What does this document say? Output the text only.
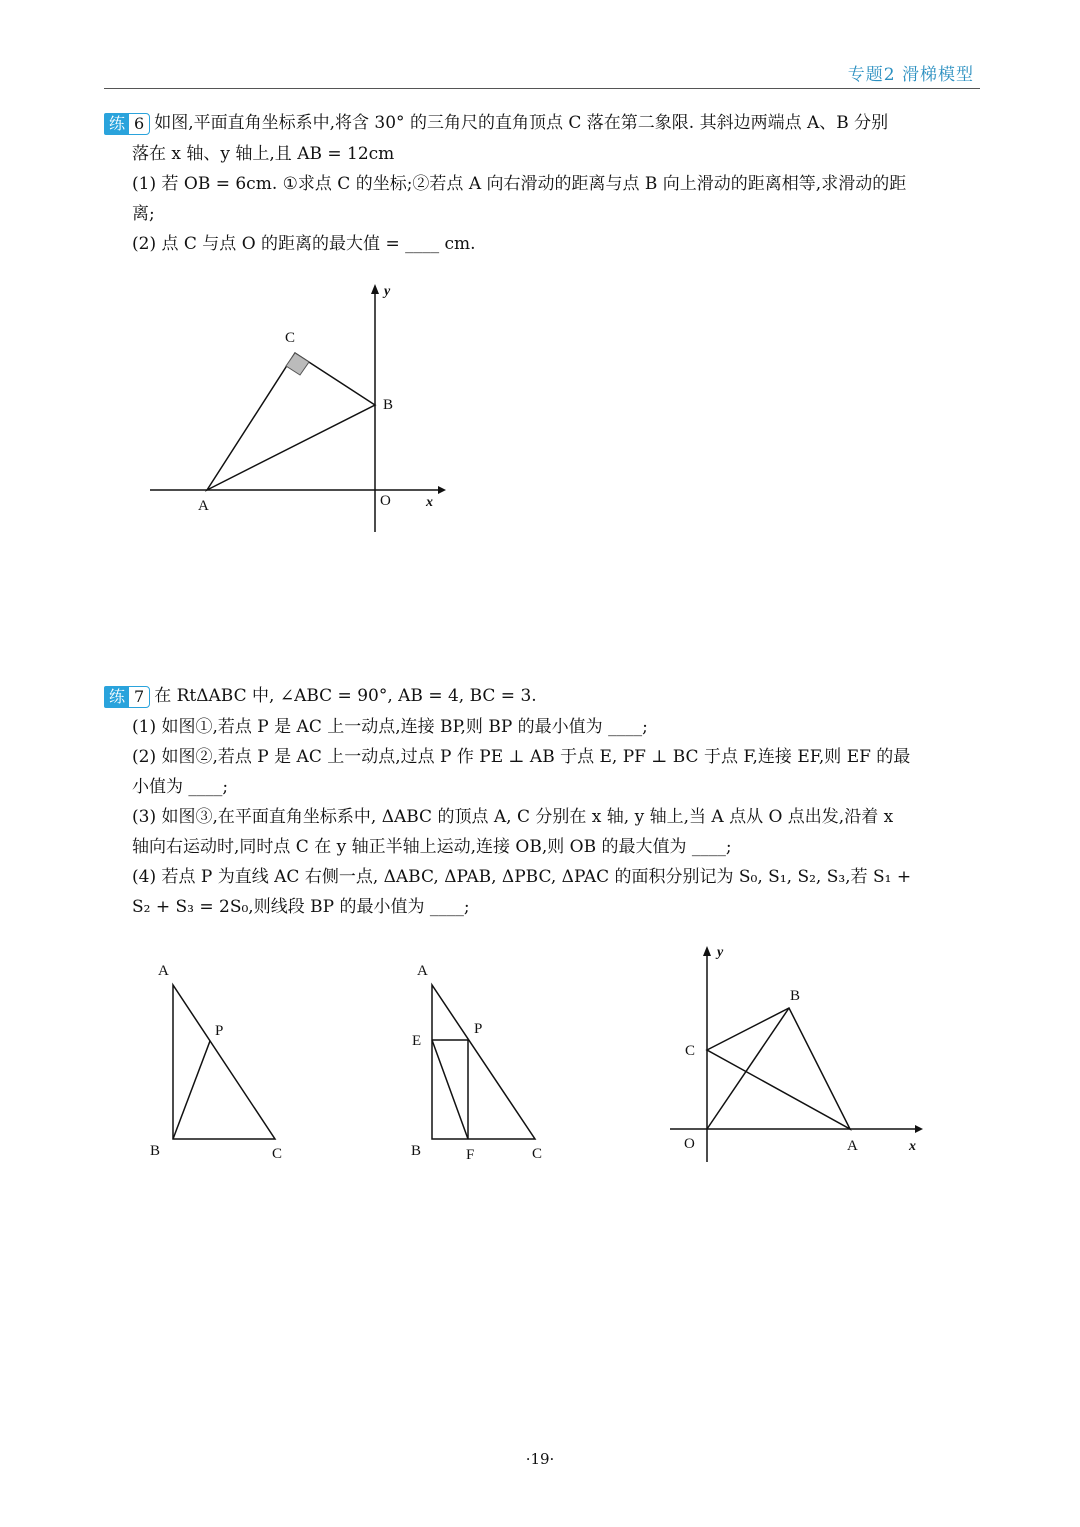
专题2 滑梯模型
练 6 如图,平面直角坐标系中,将含 30° 的三角尺的直角顶点 C 落在第二象限. 其斜边两端点 A、B 分别
落在 x 轴、y 轴上,且 AB = 12cm
(1) 若 OB = 6cm. ①求点 C 的坐标;②若点 A 向右滑动的距离与点 B 向上滑动的距离相等,求滑动的距
离;
(2) 点 C 与点 O 的距离的最大值 = ____ cm.
C
B
A	O	x
y
练 7 在 RtΔABC 中, ∠ABC = 90°, AB = 4, BC = 3.
(1) 如图①,若点 P 是 AC 上一动点,连接 BP,则 BP 的最小值为 ____;
(2) 如图②,若点 P 是 AC 上一动点,过点 P 作 PE ⊥ AB 于点 E, PF ⊥ BC 于点 F,连接 EF,则 EF 的最
小值为 ____;
(3) 如图③,在平面直角坐标系中, ΔABC 的顶点 A, C 分别在 x 轴, y 轴上,当 A 点从 O 点出发,沿着 x
轴向右运动时,同时点 C 在 y 轴正半轴上运动,连接 OB,则 OB 的最大值为 ____;
(4) 若点 P 为直线 AC 右侧一点, ΔABC, ΔPAB, ΔPBC, ΔPAC 的面积分别记为 S₀, S₁, S₂, S₃,若 S₁ +
S₂ + S₃ = 2S₀,则线段 BP 的最小值为 ____;
A
P
B	C
A
E
P
B	F	C
y
B
C
O	A	x
·19·
